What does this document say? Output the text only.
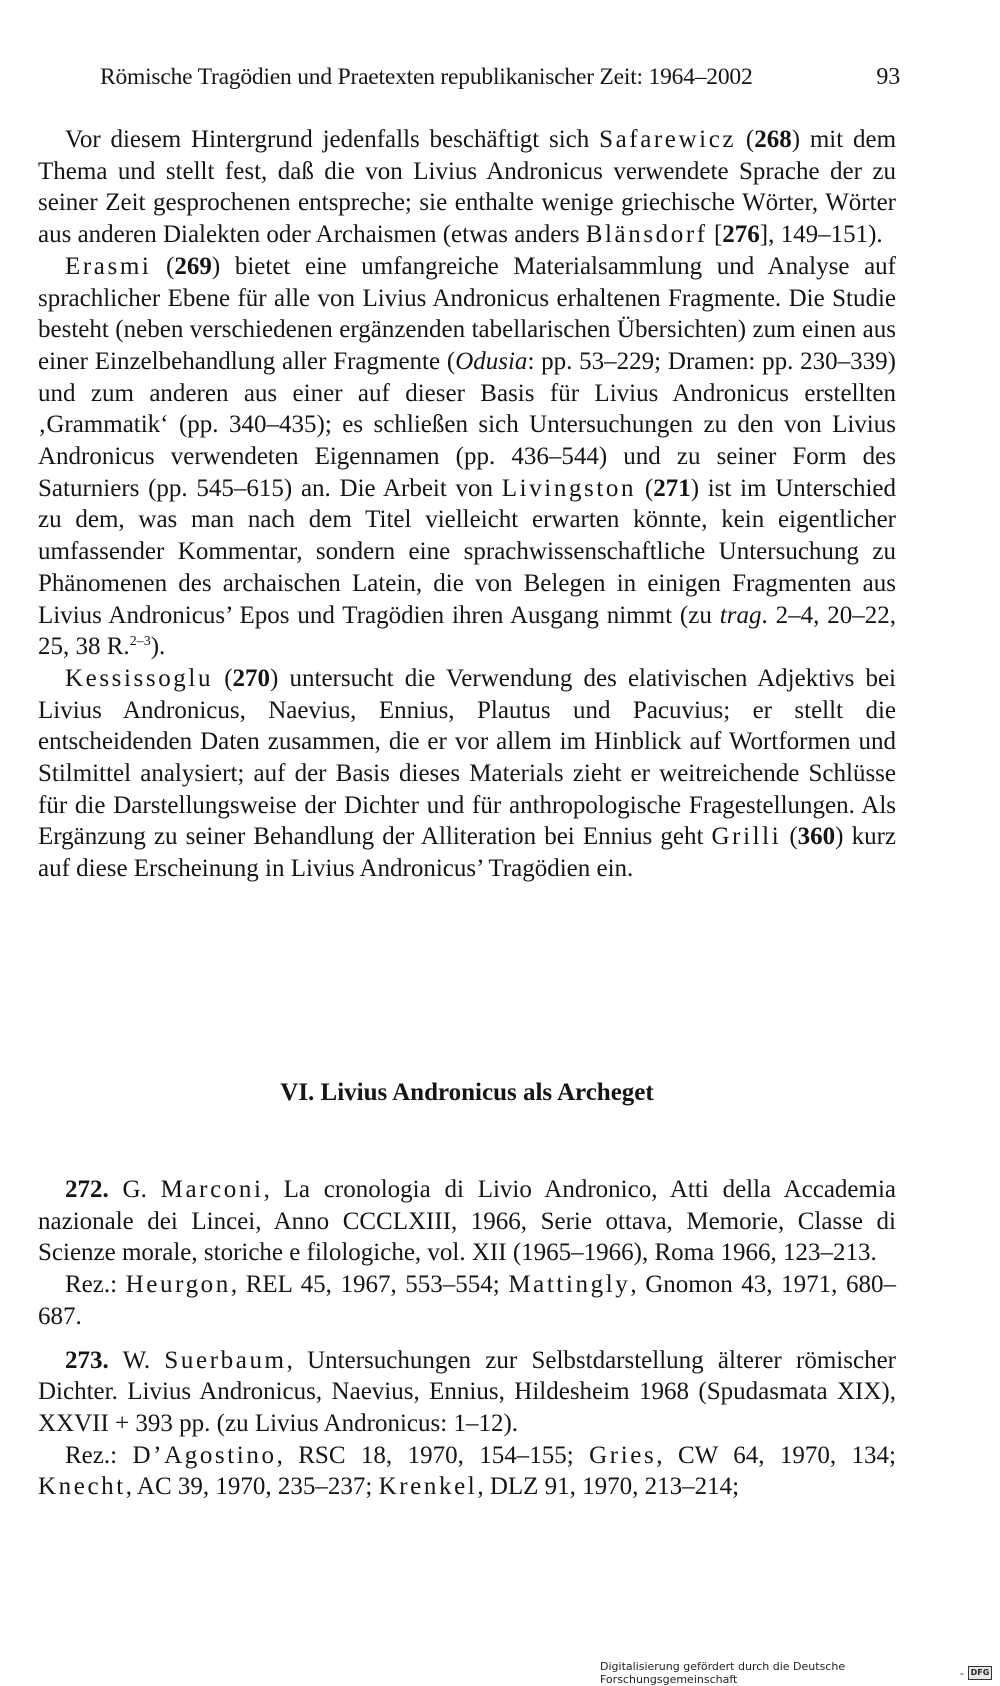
Römische Tragödien und Praetexten republikanischer Zeit: 1964–2002	93

Vor diesem Hintergrund jedenfalls beschäftigt sich Safarewicz (268) mit dem Thema und stellt fest, daß die von Livius Andronicus verwendete Sprache der zu seiner Zeit gesprochenen entspreche; sie enthalte wenige griechische Wörter, Wörter aus anderen Dialekten oder Archaismen (etwas anders Blänsdorf [276], 149–151).

Erasmi (269) bietet eine umfangreiche Materialsammlung und Analyse auf sprachlicher Ebene für alle von Livius Andronicus erhaltenen Fragmente. Die Studie besteht (neben verschiedenen ergänzenden tabellarischen Übersichten) zum einen aus einer Einzelbehandlung aller Fragmente (Odusia: pp. 53–229; Dramen: pp. 230–339) und zum anderen aus einer auf dieser Basis für Livius Andronicus erstellten ‚Grammatik‘ (pp. 340–435); es schließen sich Untersuchungen zu den von Livius Andronicus verwendeten Eigennamen (pp. 436–544) und zu seiner Form des Saturniers (pp. 545–615) an. Die Arbeit von Livingston (271) ist im Unterschied zu dem, was man nach dem Titel vielleicht erwarten könnte, kein eigentlicher umfassender Kommentar, sondern eine sprachwissenschaftliche Untersuchung zu Phänomenen des archaischen Latein, die von Belegen in einigen Fragmenten aus Livius Andronicus’ Epos und Tragödien ihren Ausgang nimmt (zu trag. 2–4, 20–22, 25, 38 R.$^{2-3}$).

Kessissoglu (270) untersucht die Verwendung des elativischen Adjektivs bei Livius Andronicus, Naevius, Ennius, Plautus und Pacuvius; er stellt die entscheidenden Daten zusammen, die er vor allem im Hinblick auf Wortformen und Stilmittel analysiert; auf der Basis dieses Materials zieht er weitreichende Schlüsse für die Darstellungsweise der Dichter und für anthropologische Fragestellungen. Als Ergänzung zu seiner Behandlung der Alliteration bei Ennius geht Grilli (360) kurz auf diese Erscheinung in Livius Andronicus’ Tragödien ein.

VI. Livius Andronicus als Archeget

272. G. Marconi, La cronologia di Livio Andronico, Atti della Accademia nazionale dei Lincei, Anno CCCLXIII, 1966, Serie ottava, Memorie, Classe di Scienze morale, storiche e filologiche, vol. XII (1965–1966), Roma 1966, 123–213.

Rez.: Heurgon, REL 45, 1967, 553–554; Mattingly, Gnomon 43, 1971, 680–687.

273. W. Suerbaum, Untersuchungen zur Selbstdarstellung älterer römischer Dichter. Livius Andronicus, Naevius, Ennius, Hildesheim 1968 (Spudasmata XIX), XXVII + 393 pp. (zu Livius Andronicus: 1–12).

Rez.: D’Agostino, RSC 18, 1970, 154–155; Gries, CW 64, 1970, 134; Knecht, AC 39, 1970, 235–237; Krenkel, DLZ 91, 1970, 213–214;

Digitalisierung gefördert durch die Deutsche Forschungsgemeinschaft	- DFG
